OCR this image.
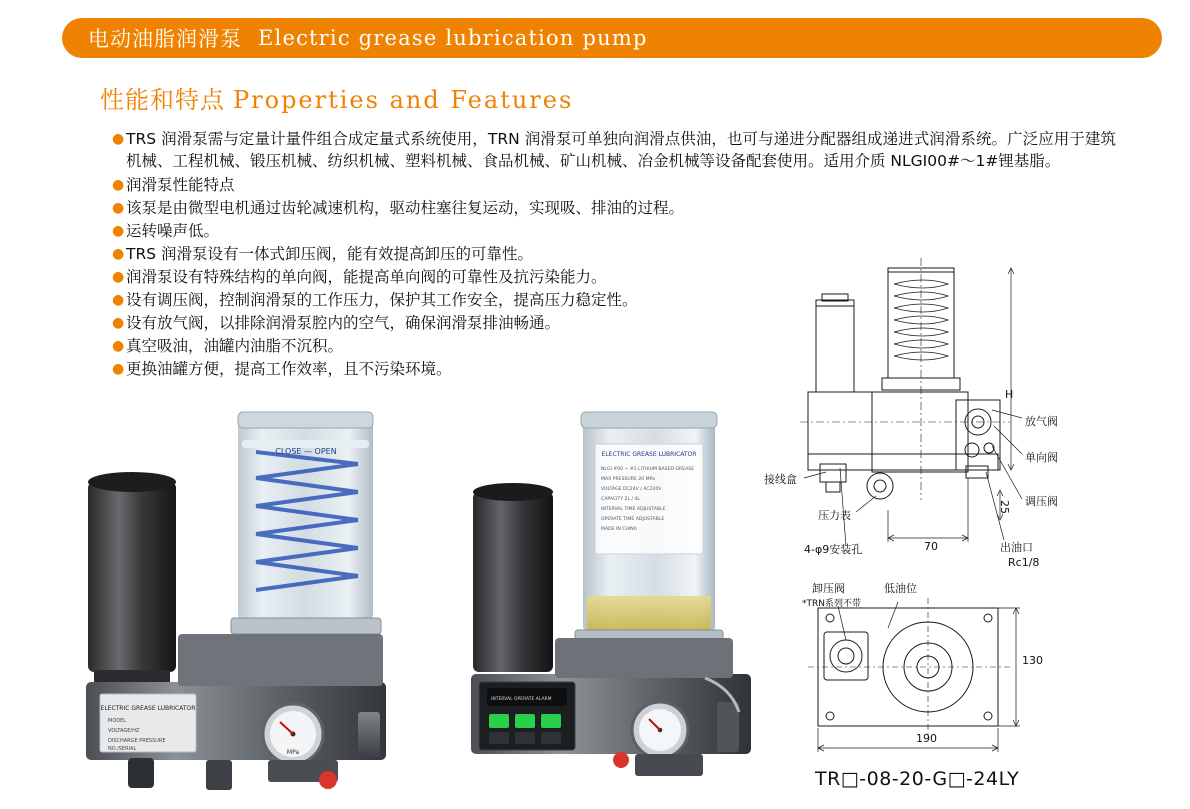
电动油脂润滑泵 Electric grease lubrication pump
性能和特点 Properties and Features
● TRS 润滑泵需与定量计量件组合成定量式系统使用，TRN 润滑泵可单独向润滑点供油，也可与递进分配器组成递进式润滑系统。广泛应用于建筑机械、工程机械、锻压机械、纺织机械、塑料机械、食品机械、矿山机械、冶金机械等设备配套使用。适用介质 NLGI00#～1#锂基脂。
● 润滑泵性能特点
● 该泵是由微型电机通过齿轮减速机构，驱动柱塞往复运动，实现吸、排油的过程。
● 运转噪声低。
● TRS 润滑泵设有一体式卸压阀，能有效提高卸压的可靠性。
● 润滑泵设有特殊结构的单向阀，能提高单向阀的可靠性及抗污染能力。
● 设有调压阀，控制润滑泵的工作压力，保护其工作安全，提高压力稳定性。
● 设有放气阀，以排除润滑泵腔内的空气，确保润滑泵排油畅通。
● 真空吸油，油罐内油脂不沉积。
● 更换油罐方便，提高工作效率，且不污染环境。
CLOSE — OPEN
ELECTRIC GREASE LUBRICATOR
MODEL
VOLTAGE/HZ
DISCHARGE PRESSURE
NO./SERIAL	MPa
ELECTRIC GREASE LUBRICATOR
NLGI #00 ~ #1 LITHIUM BASED GREASE
MAX PRESSURE 20 MPa
VOLTAGE DC24V / AC220V
CAPACITY 2L / 4L
INTERVAL TIME ADJUSTABLE
OPERATE TIME ADJUSTABLE
MADE IN CHINA
INTERVAL OPERATE ALARM
放气阀
单向阀
调压阀
接线盒
压力表
4-φ9安装孔	出油口
Rc1/8
70
25
H
卸压阀
*TRN系列不带
低油位
130
190
TR□-08-20-G□-24LY
